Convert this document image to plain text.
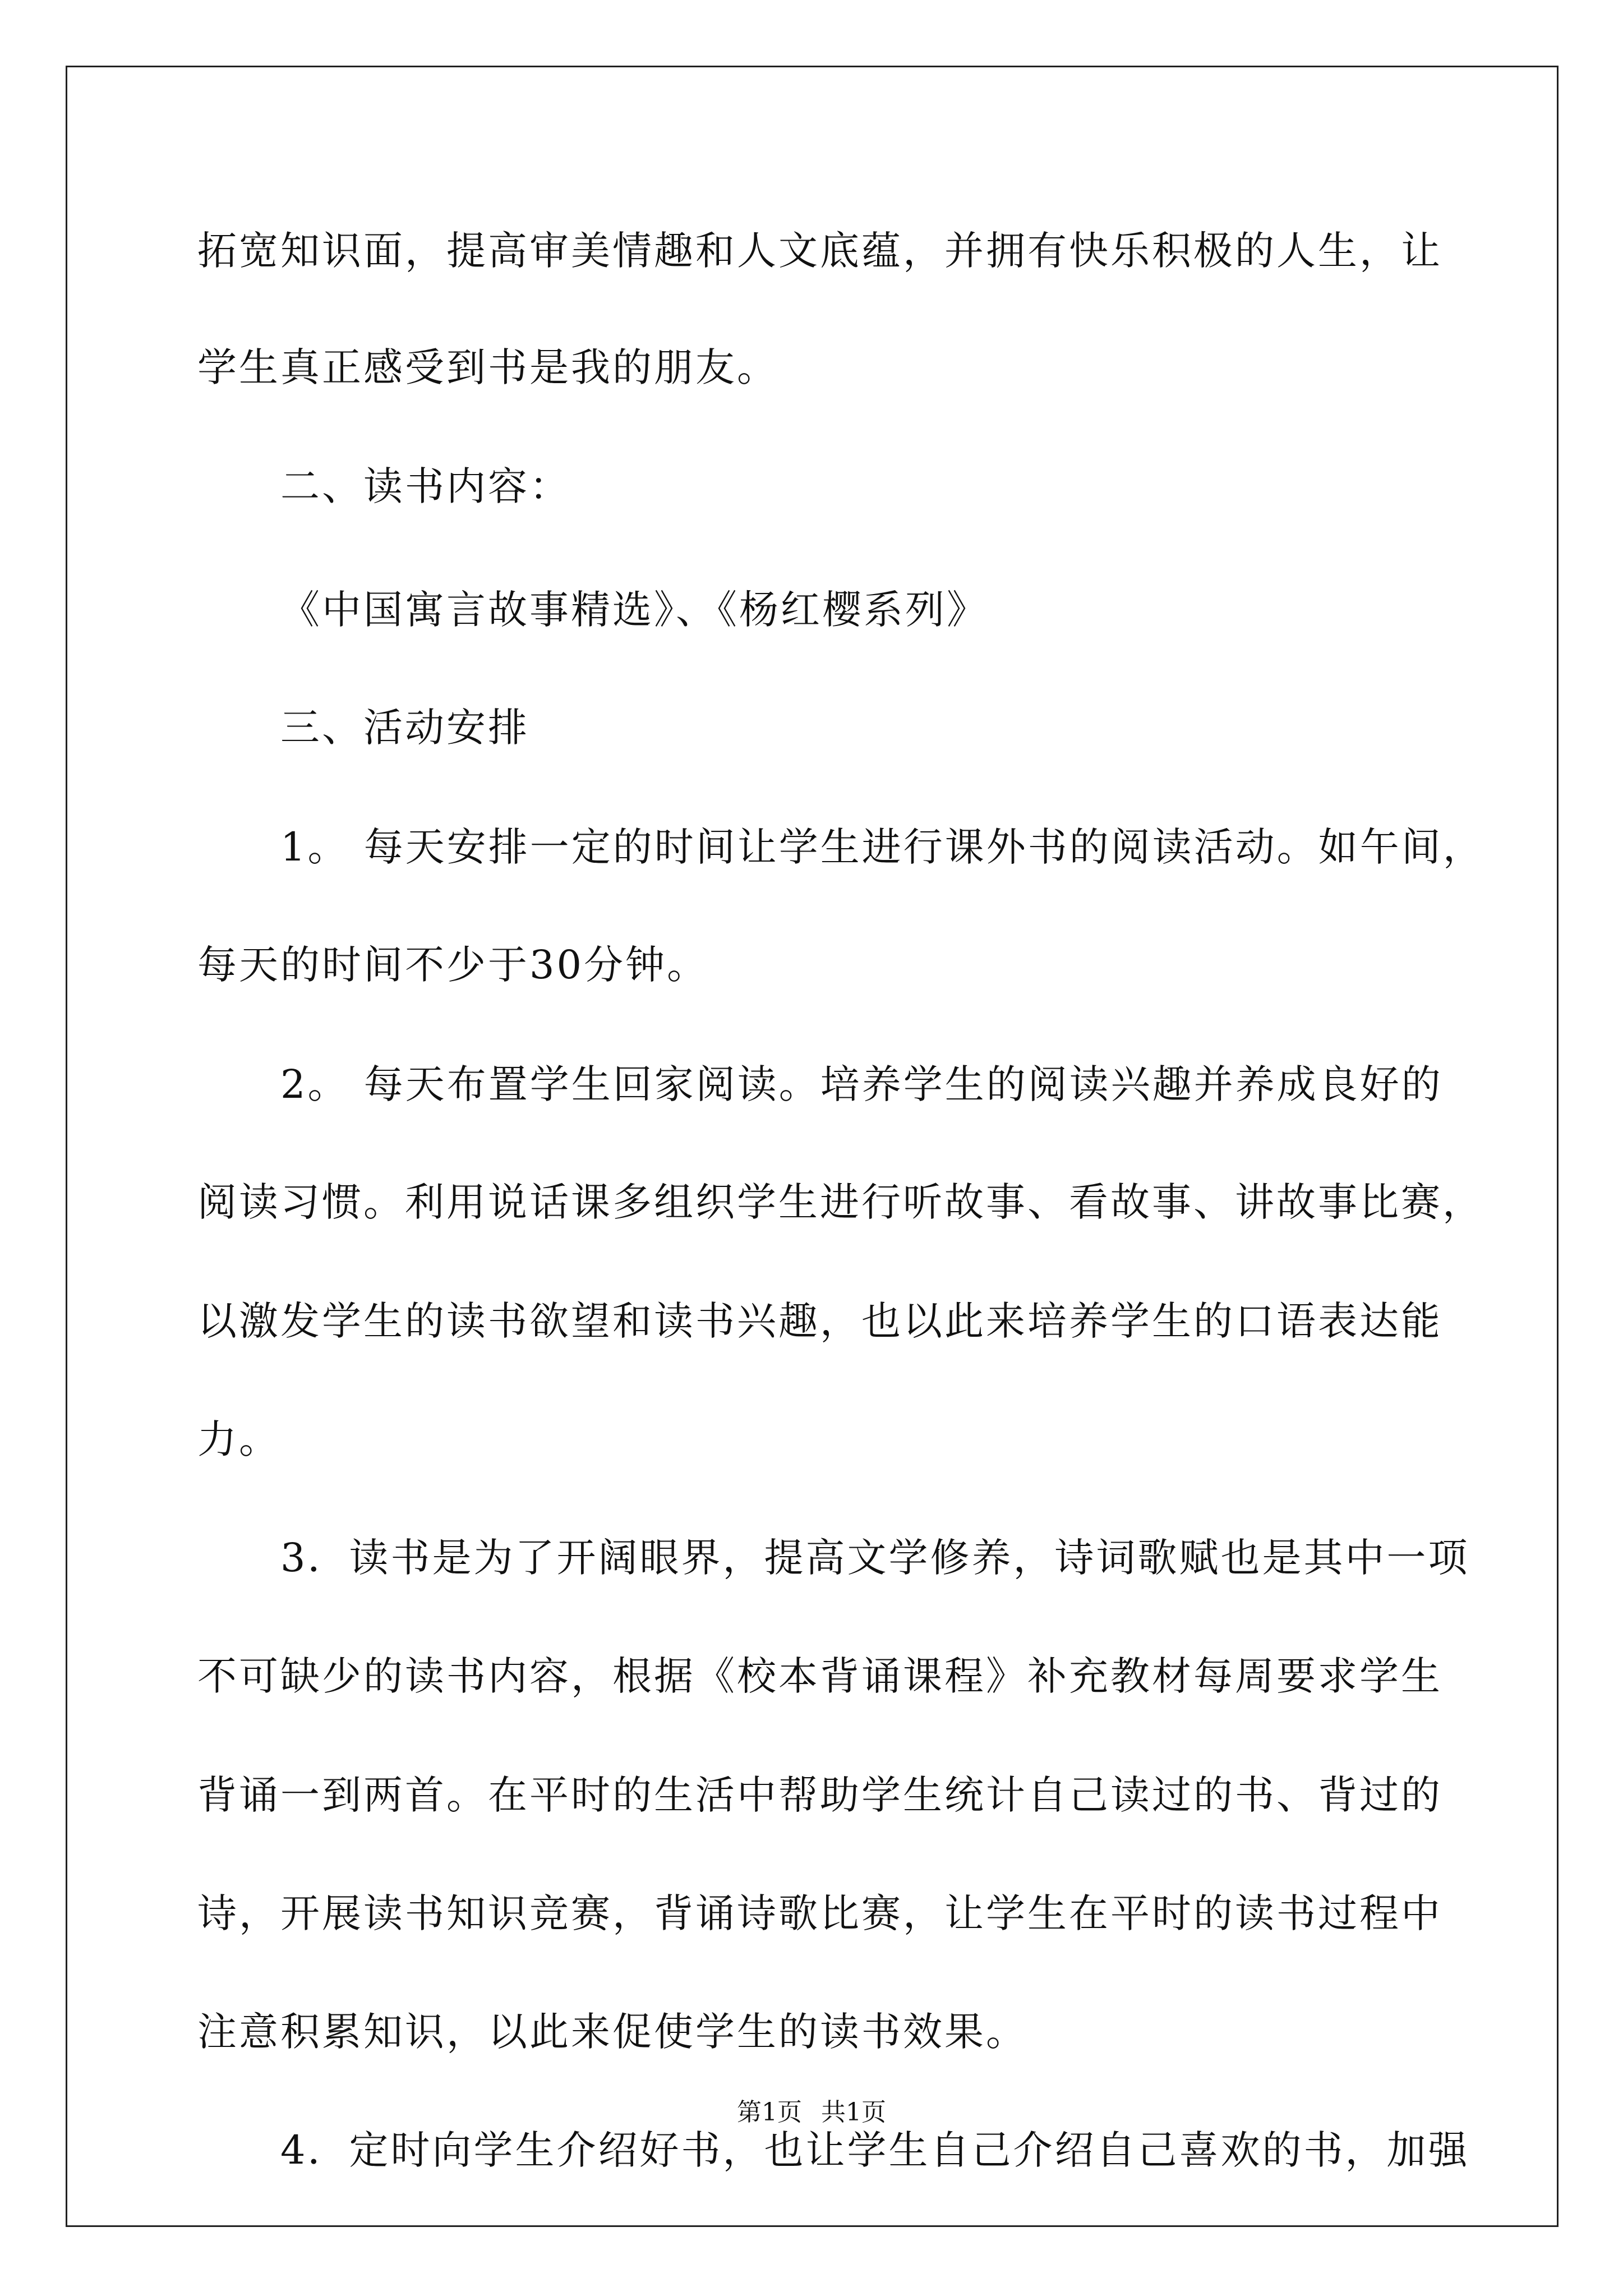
拓宽知识面，提高审美情趣和人文底蕴，并拥有快乐积极的人生，让
学生真正感受到书是我的朋友。
二、读书内容：
《中国寓言故事精选》、《杨红樱系列》
三、活动安排
1。 每天安排一定的时间让学生进行课外书的阅读活动。如午间，
每天的时间不少于30分钟。
2。 每天布置学生回家阅读。培养学生的阅读兴趣并养成良好的
阅读习惯。利用说话课多组织学生进行听故事、看故事、讲故事比赛，
以激发学生的读书欲望和读书兴趣，也以此来培养学生的口语表达能
力。
3．读书是为了开阔眼界，提高文学修养，诗词歌赋也是其中一项
不可缺少的读书内容，根据《校本背诵课程》补充教材每周要求学生
背诵一到两首。在平时的生活中帮助学生统计自己读过的书、背过的
诗，开展读书知识竞赛，背诵诗歌比赛，让学生在平时的读书过程中
注意积累知识，以此来促使学生的读书效果。
4．定时向学生介绍好书，也让学生自己介绍自己喜欢的书，加强
第1页 共1页
